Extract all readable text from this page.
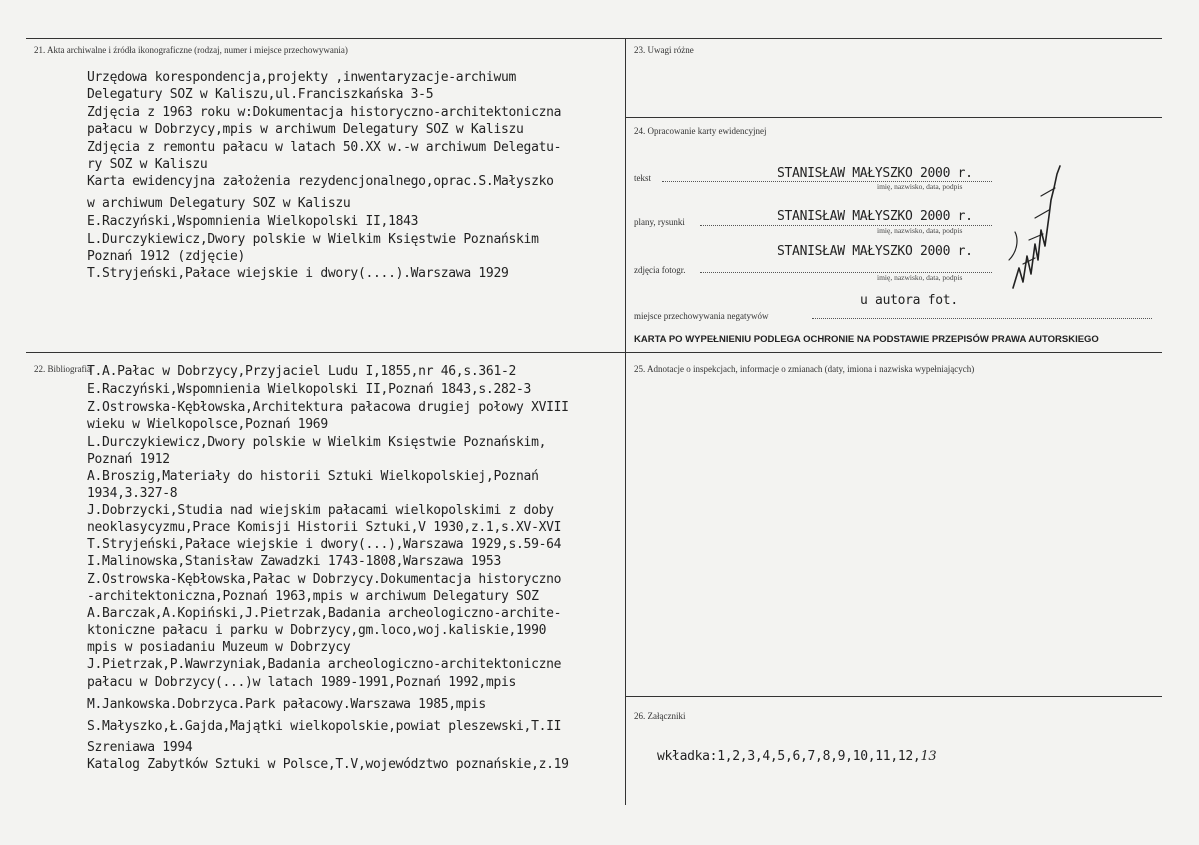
21. Akta archiwalne i źródła ikonograficzne (rodzaj, numer i miejsce przechowywania)
Urzędowa korespondencja,projekty ,inwentaryzacje-archiwum
Delegatury SOZ w Kaliszu,ul.Franciszkańska 3-5
Zdjęcia z 1963 roku w:Dokumentacja historyczno-architektoniczna
pałacu w Dobrzycy,mpis w archiwum Delegatury SOZ w Kaliszu
Zdjęcia z remontu pałacu w latach 50.XX w.-w archiwum Delegatu-
ry SOZ w Kaliszu
Karta ewidencyjna założenia rezydencjonalnego,oprac.S.Małyszko
w archiwum Delegatury SOZ w Kaliszu
E.Raczyński,Wspomnienia Wielkopolski II,1843
L.Durczykiewicz,Dwory polskie w Wielkim Księstwie Poznańskim
Poznań 1912 (zdjęcie)
T.Stryjeński,Pałace wiejskie i dwory(....).Warszawa 1929
22. Bibliografia
T.A.Pałac w Dobrzycy,Przyjaciel Ludu I,1855,nr 46,s.361-2
E.Raczyński,Wspomnienia Wielkopolski II,Poznań 1843,s.282-3
Z.Ostrowska-Kębłowska,Architektura pałacowa drugiej połowy XVIII
wieku w Wielkopolsce,Poznań 1969
L.Durczykiewicz,Dwory polskie w Wielkim Księstwie Poznańskim,
Poznań 1912
A.Broszig,Materiały do historii Sztuki Wielkopolskiej,Poznań
1934,3.327-8
J.Dobrzycki,Studia nad wiejskim pałacami wielkopolskimi z doby
neoklasycyzmu,Prace Komisji Historii Sztuki,V 1930,z.1,s.XV-XVI
T.Stryjeński,Pałace wiejskie i dwory(...),Warszawa 1929,s.59-64
I.Malinowska,Stanisław Zawadzki 1743-1808,Warszawa 1953
Z.Ostrowska-Kębłowska,Pałac w Dobrzycy.Dokumentacja historyczno
-architektoniczna,Poznań 1963,mpis w archiwum Delegatury SOZ
A.Barczak,A.Kopiński,J.Pietrzak,Badania archeologiczno-archite-
ktoniczne pałacu i parku w Dobrzycy,gm.loco,woj.kaliskie,1990
mpis w posiadaniu Muzeum w Dobrzycy
J.Pietrzak,P.Wawrzyniak,Badania archeologiczno-architektoniczne
pałacu w Dobrzycy(...)w latach 1989-1991,Poznań 1992,mpis
M.Jankowska.Dobrzyca.Park pałacowy.Warszawa 1985,mpis
S.Małyszko,Ł.Gajda,Majątki wielkopolskie,powiat pleszewski,T.II
Szreniawa 1994
Katalog Zabytków Sztuki w Polsce,T.V,województwo poznańskie,z.19
23. Uwagi różne
24. Opracowanie karty ewidencyjnej
tekst	STANISŁAW MAŁYSZKO 2000 r.
imię, nazwisko, data, podpis
plany, rysunki	STANISŁAW MAŁYSZKO 2000 r.
imię, nazwisko, data, podpis
STANISŁAW MAŁYSZKO 2000 r.
zdjęcia fotogr.
imię, nazwisko, data, podpis
u autora fot.
miejsce przechowywania negatywów
KARTA PO WYPEŁNIENIU PODLEGA OCHRONIE NA PODSTAWIE PRZEPISÓW PRAWA AUTORSKIEGO
25. Adnotacje o inspekcjach, informacje o zmianach (daty, imiona i nazwiska wypełniających)
26. Załączniki
wkładka:1,2,3,4,5,6,7,8,9,10,11,12,13
